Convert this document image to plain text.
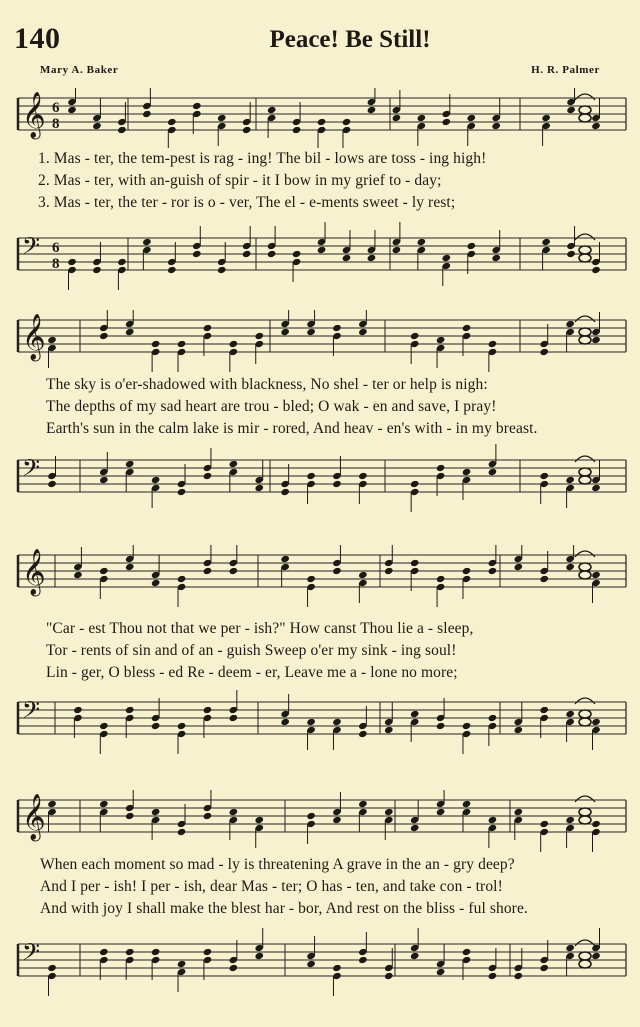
140	Peace! Be Still!
Mary A. Baker	H. R. Palmer
𝄞 6
8
1. Mas - ter, the tem-pest is rag - ing! The bil - lows are toss - ing high!
2. Mas - ter, with an-guish of spir - it I bow in my grief to - day;
3. Mas - ter, the ter - ror is o - ver, The el - e-ments sweet - ly rest;
𝄢 6
8
𝄞
The sky is o'er-shadowed with blackness, No shel - ter or help is nigh:
The depths of my sad heart are trou - bled; O wak - en and save, I pray!
Earth's sun in the calm lake is mir - rored, And heav - en's with - in my breast.
𝄢
𝄞
"Car - est Thou not that we per - ish?" How canst Thou lie a - sleep,
Tor - rents of sin and of an - guish Sweep o'er my sink - ing soul!
Lin - ger, O bless - ed Re - deem - er, Leave me a - lone no more;
𝄢
𝄞
When each moment so mad - ly is threatening A grave in the an - gry deep?
And I per - ish! I per - ish, dear Mas - ter; O has - ten, and take con - trol!
And with joy I shall make the blest har - bor, And rest on the bliss - ful shore.
𝄢
